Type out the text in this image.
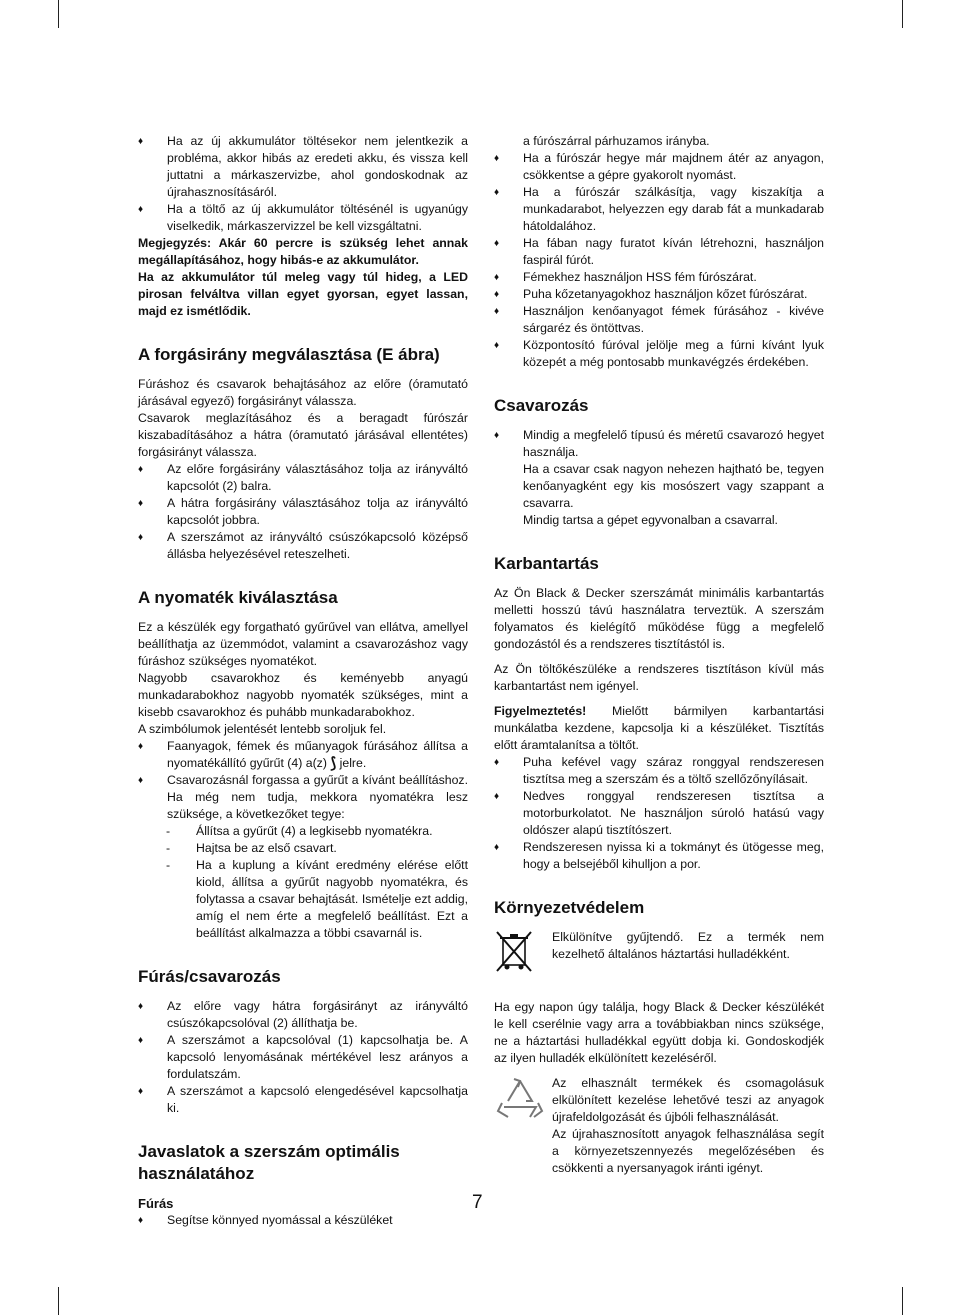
♦ Ha az új akkumulátor töltésekor nem jelentkezik a probléma, akkor hibás az eredeti akku, és vissza kell juttatni a márkaszervizbe, ahol gondoskodnak az újrahasznosításáról.
♦ Ha a töltő az új akkumulátor töltésénél is ugyanúgy viselkedik, márkaszervizzel be kell vizsgáltatni.

Megjegyzés: Akár 60 percre is szükség lehet annak megállapításához, hogy hibás-e az akkumulátor.

Ha az akkumulátor túl meleg vagy túl hideg, a LED pirosan felváltva villan egyet gyorsan, egyet lassan, majd ez ismétlődik.

A forgásirány megválasztása (E ábra)

Fúráshoz és csavarok behajtásához az előre (óramutató járásával egyező) forgásirányt válassza.

Csavarok meglazításához és a beragadt fúrószár kiszabadításához a hátra (óramutató járásával ellentétes) forgásirányt válassza.

♦ Az előre forgásirány választásához tolja az irányváltó kapcsolót (2) balra.
♦ A hátra forgásirány választásához tolja az irányváltó kapcsolót jobbra.
♦ A szerszámot az irányváltó csúszókapcsoló középső állásba helyezésével reteszelheti.
A nyomaték kiválasztása

Ez a készülék egy forgatható gyűrűvel van ellátva, amellyel beállíthatja az üzemmódot, valamint a csavarozáshoz vagy fúráshoz szükséges nyomatékot.

Nagyobb csavarokhoz és keményebb anyagú munkadarabokhoz nagyobb nyomaték szükséges, mint a kisebb csavarokhoz és puhább munkadarabokhoz.

A szimbólumok jelentését lentebb soroljuk fel.

♦ Faanyagok, fémek és műanyagok fúrásához állítsa a nyomatékállító gyűrűt (4) a(z) ⟆ jelre.
♦ Csavarozásnál forgassa a gyűrűt a kívánt beállításhoz. Ha még nem tudja, mekkora nyomatékra lesz szüksége, a következőket tegye:
- Állítsa a gyűrűt (4) a legkisebb nyomatékra.
- Hajtsa be az első csavart.
- Ha a kuplung a kívánt eredmény elérése előtt kiold, állítsa a gyűrűt nagyobb nyomatékra, és folytassa a csavar behajtását. Ismételje ezt addig, amíg el nem érte a megfelelő beállítást. Ezt a beállítást alkalmazza a többi csavarnál is.
Fúrás/csavarozás
♦ Az előre vagy hátra forgásirányt az irányváltó csúszókapcsolóval (2) állíthatja be.
♦ A szerszámot a kapcsolóval (1) kapcsolhatja be. A kapcsoló lenyomásának mértékével lesz arányos a fordulatszám.
♦ A szerszámot a kapcsoló elengedésével kapcsolhatja ki.
Javaslatok a szerszám optimális használatához
Fúrás
♦ Segítse könnyed nyomással a készüléket

a fúrószárral párhuzamos irányba.

♦ Ha a fúrószár hegye már majdnem átér az anyagon, csökkentse a gépre gyakorolt nyomást.
♦ Ha a fúrószár szálkásítja, vagy kiszakítja a munkadarabot, helyezzen egy darab fát a munkadarab hátoldalához.
♦ Ha fában nagy furatot kíván létrehozni, használjon faspirál fúrót.
♦ Fémekhez használjon HSS fém fúrószárat.
♦ Puha kőzetanyagokhoz használjon kőzet fúrószárat.
♦ Használjon kenőanyagot fémek fúrásához - kivéve sárgaréz és öntöttvas.
♦ Központosító fúróval jelölje meg a fúrni kívánt lyuk közepét a még pontosabb munkavégzés érdekében.
Csavarozás
♦ Mindig a megfelelő típusú és méretű csavarozó hegyet használja.

Ha a csavar csak nagyon nehezen hajtható be, tegyen kenőanyagként egy kis mosószert vagy szappant a csavarra.

Mindig tartsa a gépet egyvonalban a csavarral.

Karbantartás

Az Ön Black & Decker szerszámát minimális karbantartás melletti hosszú távú használatra terveztük. A szerszám folyamatos és kielégítő működése függ a megfelelő gondozástól és a rendszeres tisztítástól is.

Az Ön töltőkészüléke a rendszeres tisztításon kívül más karbantartást nem igényel.

Figyelmeztetés! Mielőtt bármilyen karbantartási munkálatba kezdene, kapcsolja ki a készüléket. Tisztítás előtt áramtalanítsa a töltőt.

♦ Puha kefével vagy száraz ronggyal rendszeresen tisztítsa meg a szerszám és a töltő szellőzőnyílásait.
♦ Nedves ronggyal rendszeresen tisztítsa a motorburkolatot. Ne használjon súroló hatású vagy oldószer alapú tisztítószert.
♦ Rendszeresen nyissa ki a tokmányt és ütögesse meg, hogy a belsejéből kihulljon a por.
Környezetvédelem

Elkülönítve gyűjtendő. Ez a termék nem kezelhető általános háztartási hulladékként.

Ha egy napon úgy találja, hogy Black & Decker készülékét le kell cserélnie vagy arra a továbbiakban nincs szüksége, ne a háztartási hulladékkal együtt dobja ki. Gondoskodjék az ilyen hulladék elkülönített kezeléséről.

Az elhasznált termékek és csomagolásuk elkülönített kezelése lehetővé teszi az anyagok újrafeldolgozását és újbóli felhasználását.

Az újrahasznosított anyagok felhasználása segít a környezetszennyezés megelőzésében és csökkenti a nyersanyagok iránti igényt.

7
